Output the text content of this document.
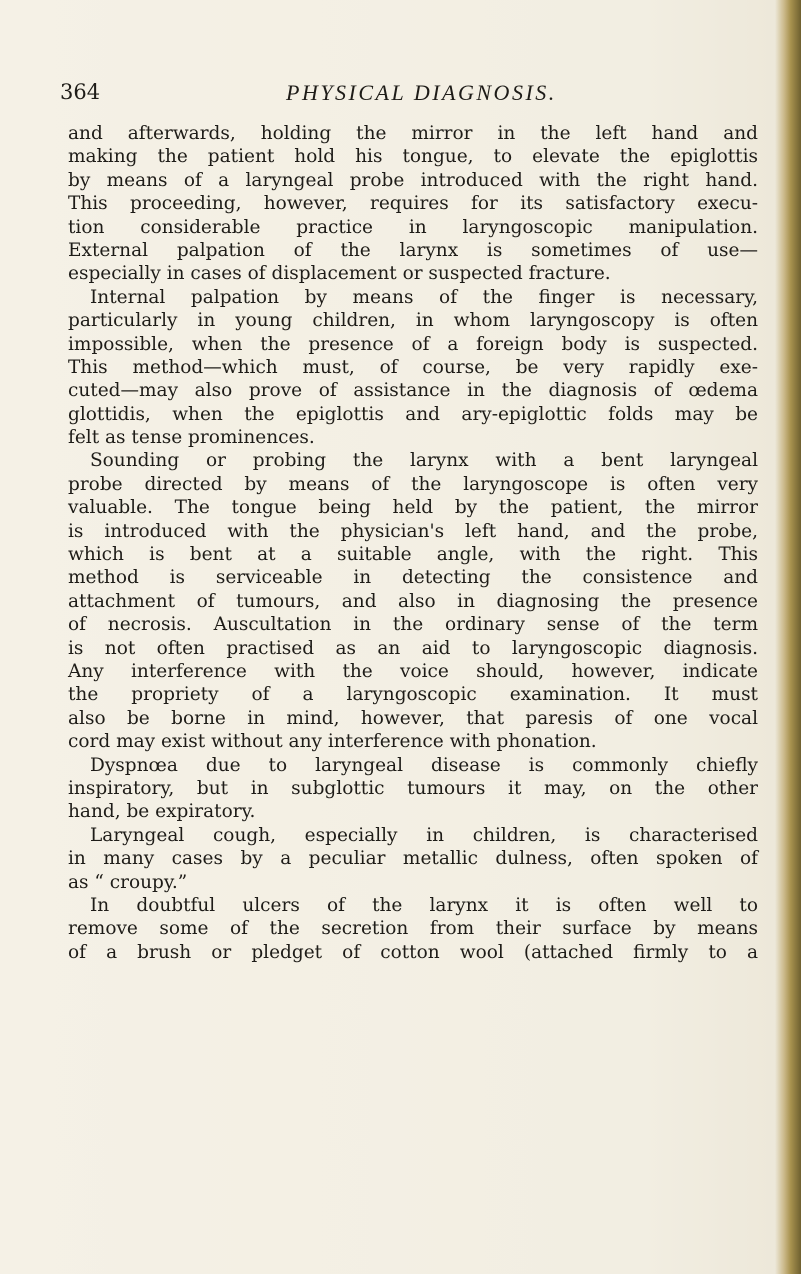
364	PHYSICAL DIAGNOSIS.
and afterwards, holding the mirror in the left hand and
making the patient hold his tongue, to elevate the epiglottis
by means of a laryngeal probe introduced with the right hand.
This proceeding, however, requires for its satisfactory execu-
tion considerable practice in laryngoscopic manipulation.
External palpation of the larynx is sometimes of use—
especially in cases of displacement or suspected fracture.
Internal palpation by means of the finger is necessary,
particularly in young children, in whom laryngoscopy is often
impossible, when the presence of a foreign body is suspected.
This method—which must, of course, be very rapidly exe-
cuted—may also prove of assistance in the diagnosis of œdema
glottidis, when the epiglottis and ary-epiglottic folds may be
felt as tense prominences.
Sounding or probing the larynx with a bent laryngeal
probe directed by means of the laryngoscope is often very
valuable. The tongue being held by the patient, the mirror
is introduced with the physician's left hand, and the probe,
which is bent at a suitable angle, with the right. This
method is serviceable in detecting the consistence and
attachment of tumours, and also in diagnosing the presence
of necrosis. Auscultation in the ordinary sense of the term
is not often practised as an aid to laryngoscopic diagnosis.
Any interference with the voice should, however, indicate
the propriety of a laryngoscopic examination. It must
also be borne in mind, however, that paresis of one vocal
cord may exist without any interference with phonation.
Dyspnœa due to laryngeal disease is commonly chiefly
inspiratory, but in subglottic tumours it may, on the other
hand, be expiratory.
Laryngeal cough, especially in children, is characterised
in many cases by a peculiar metallic dulness, often spoken of
as “ croupy.”
In doubtful ulcers of the larynx it is often well to
remove some of the secretion from their surface by means
of a brush or pledget of cotton wool (attached firmly to a
